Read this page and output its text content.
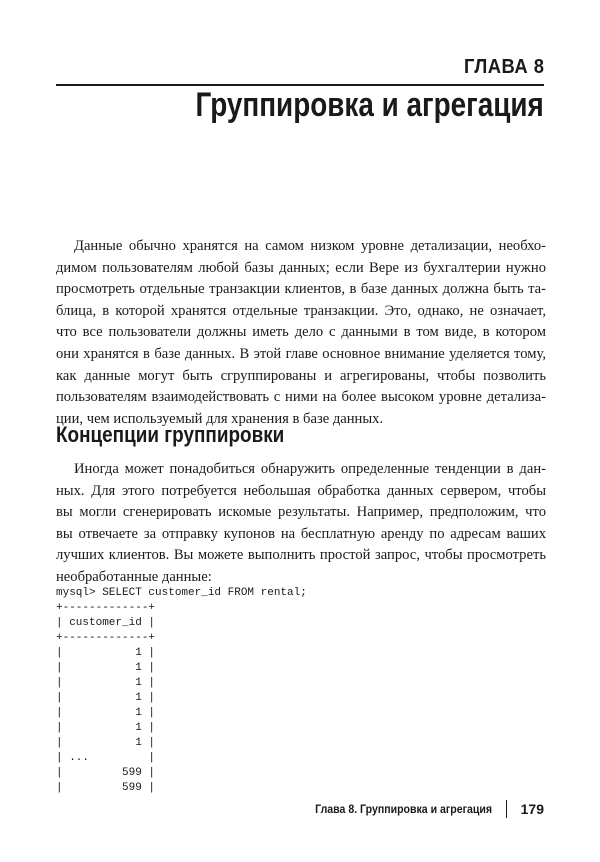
ГЛАВА 8
Группировка и агрегация
Данные обычно хранятся на самом низком уровне детализации, необхо-
димом пользователям любой базы данных; если Вере из бухгалтерии нужно
просмотреть отдельные транзакции клиентов, в базе данных должна быть та-
блица, в которой хранятся отдельные транзакции. Это, однако, не означает,
что все пользователи должны иметь дело с данными в том виде, в котором
они хранятся в базе данных. В этой главе основное внимание уделяется тому,
как данные могут быть сгруппированы и агрегированы, чтобы позволить
пользователям взаимодействовать с ними на более высоком уровне детализа-
ции, чем используемый для хранения в базе данных.
Концепции группировки
Иногда может понадобиться обнаружить определенные тенденции в дан-
ных. Для этого потребуется небольшая обработка данных сервером, чтобы
вы могли сгенерировать искомые результаты. Например, предположим, что
вы отвечаете за отправку купонов на бесплатную аренду по адресам ваших
лучших клиентов. Вы можете выполнить простой запрос, чтобы просмотреть
необработанные данные:
mysql> SELECT customer_id FROM rental;
+-------------+
| customer_id |
+-------------+
|           1 |
|           1 |
|           1 |
|           1 |
|           1 |
|           1 |
|           1 |
| ...         |
|         599 |
|         599 |
Глава 8. Группировка и агрегация 179
